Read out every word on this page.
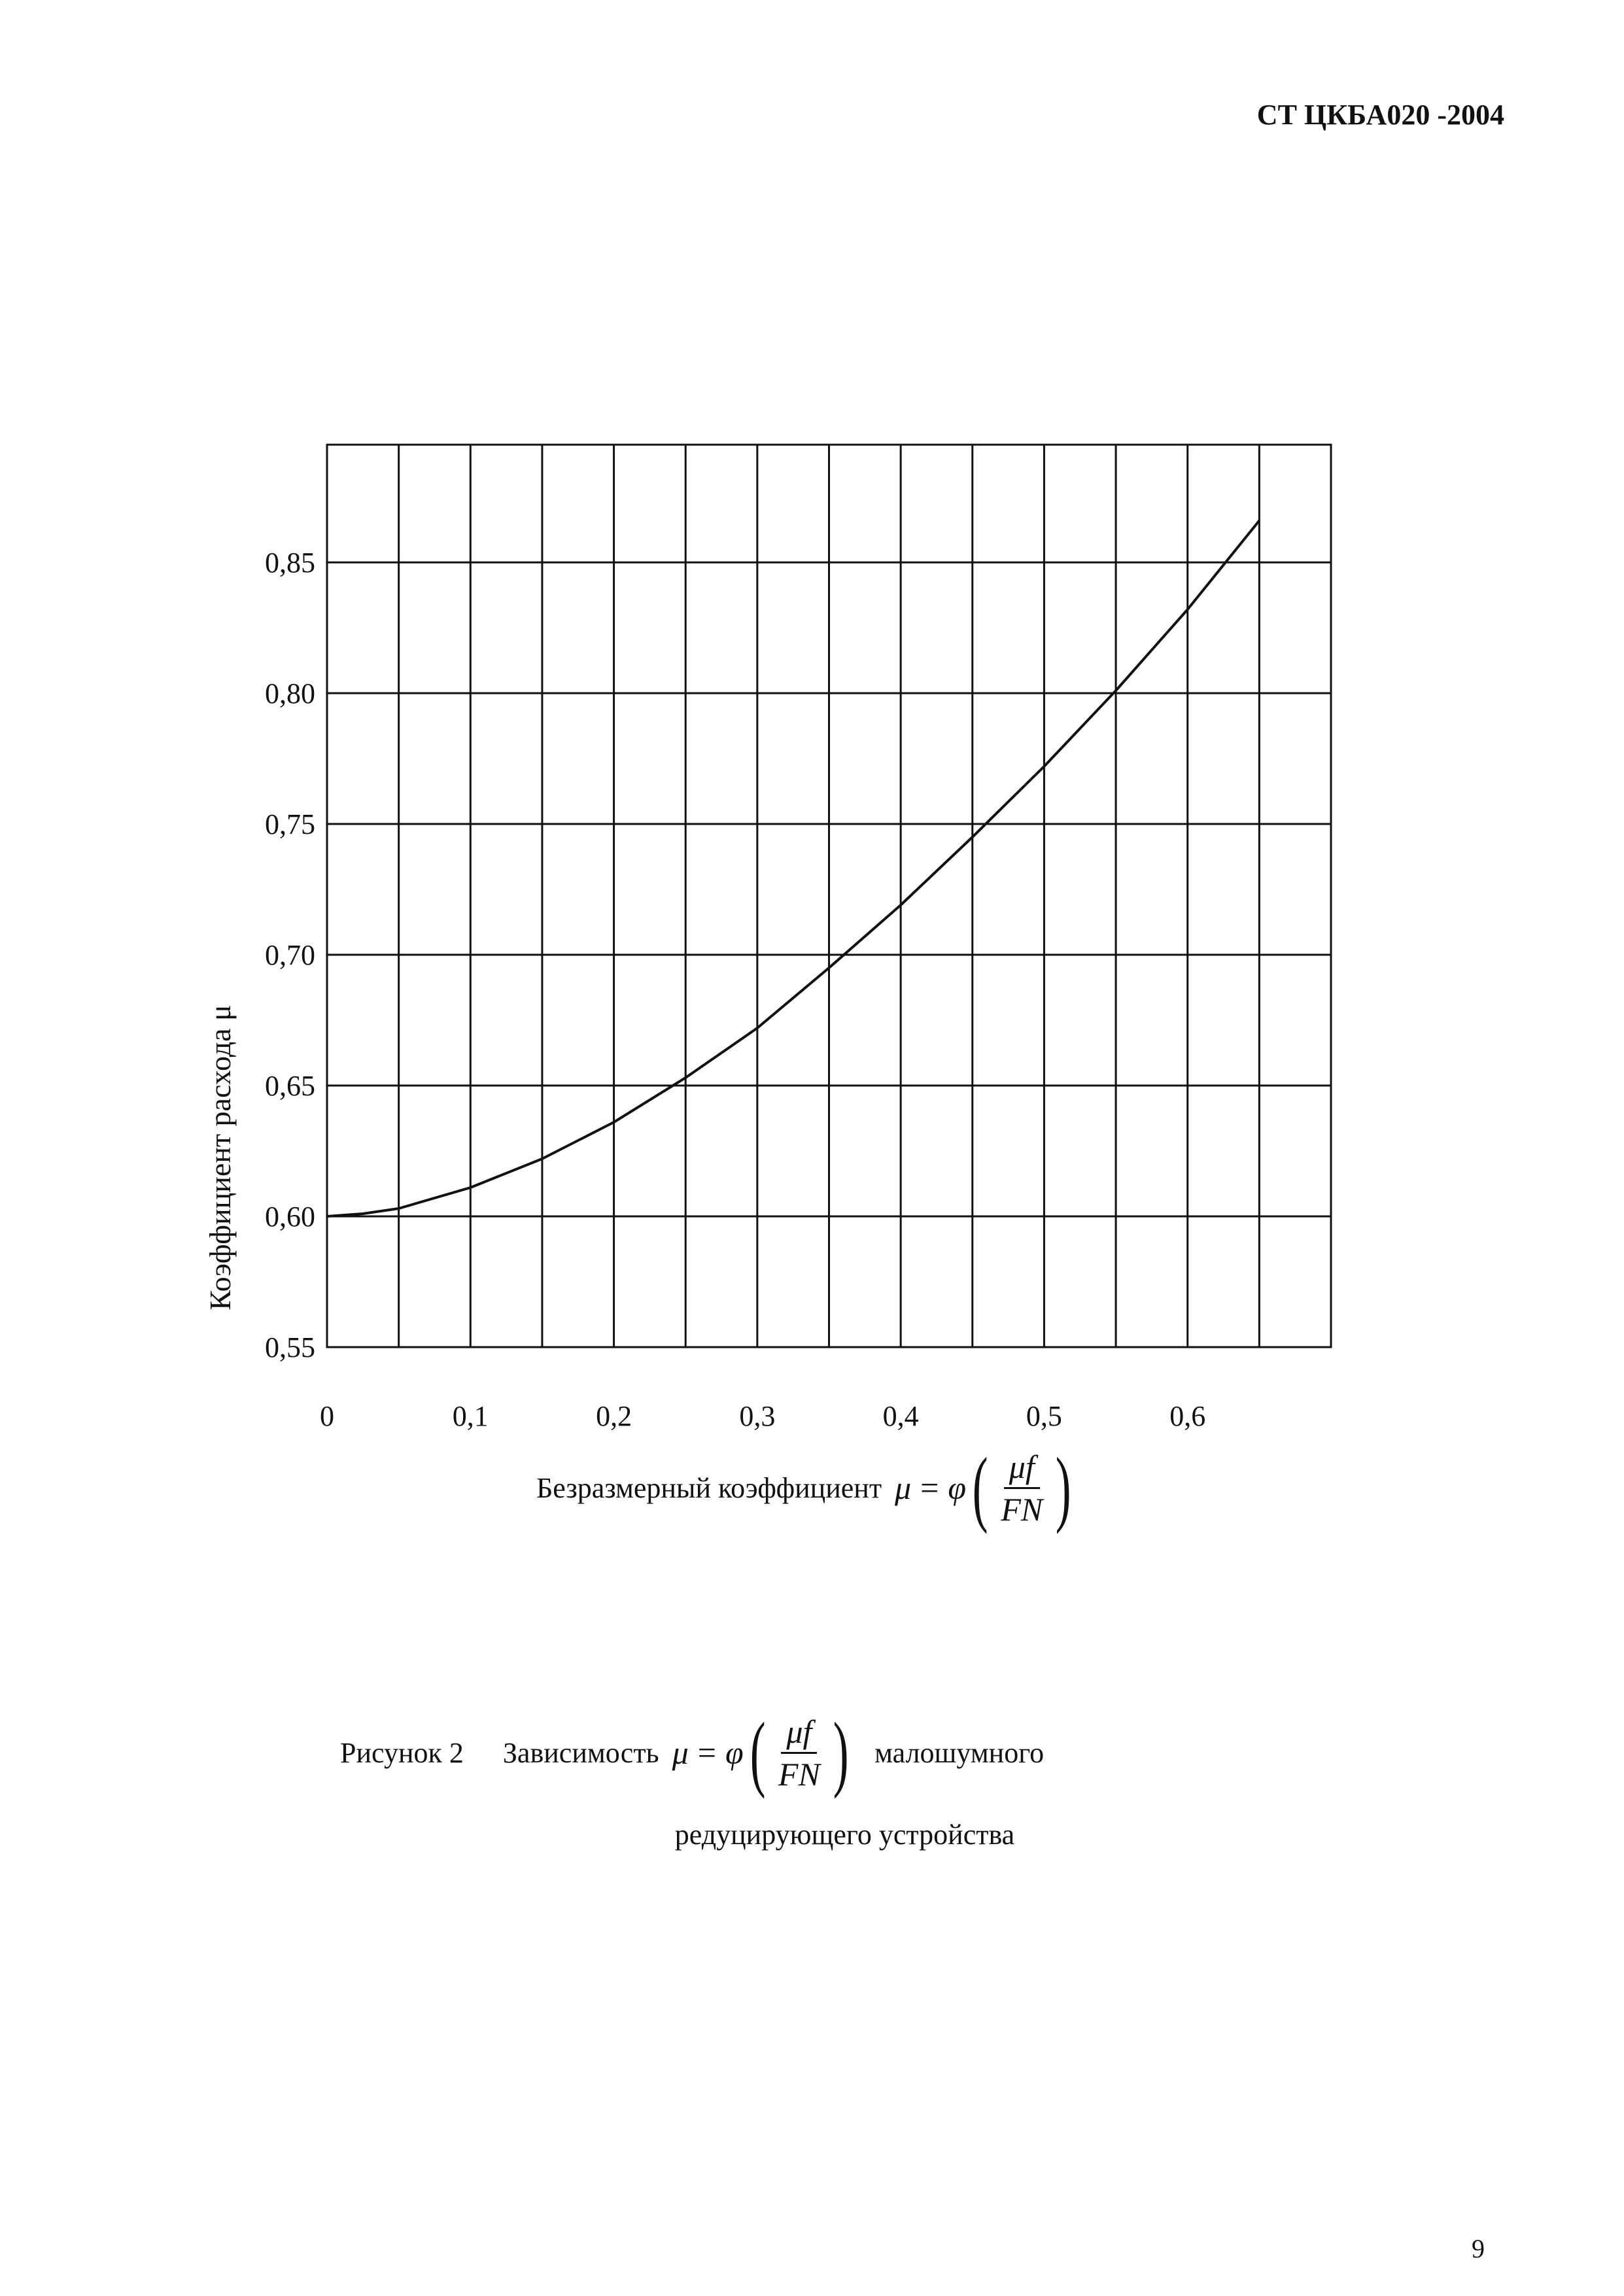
СТ ЦКБА020 -2004
0,55
0,60
0,65
0,70
0,75
0,80
0,85
0	0,1	0,2	0,3	0,4	0,5	0,6
Коэффициент расхода μ
Безразмерный коэффициент μ = φ ( $\frac{\mu f}{FN}$ )
Рисунок 2 Зависимость μ = φ ( $\frac{\mu f}{FN}$ ) малошумного
редуцирующего устройства
9
